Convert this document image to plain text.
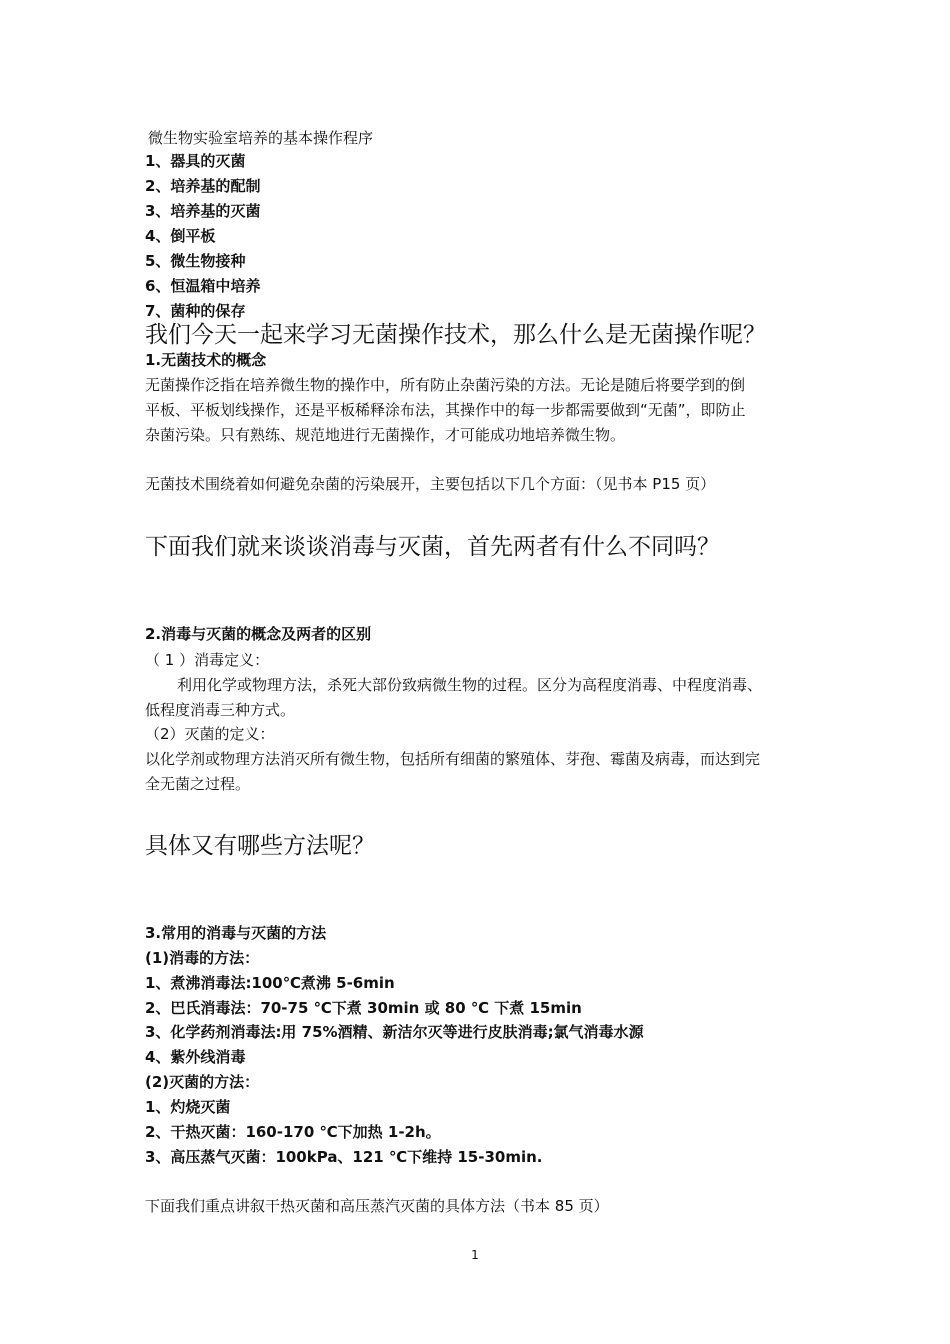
微生物实验室培养的基本操作程序
1、器具的灭菌
2、培养基的配制
3、培养基的灭菌
4、倒平板
5、微生物接种
6、恒温箱中培养
7、菌种的保存
我们今天一起来学习无菌操作技术，那么什么是无菌操作呢？
1.无菌技术的概念
无菌操作泛指在培养微生物的操作中，所有防止杂菌污染的方法。无论是随后将要学到的倒
平板、平板划线操作，还是平板稀释涂布法，其操作中的每一步都需要做到“无菌”，即防止
杂菌污染。只有熟练、规范地进行无菌操作，才可能成功地培养微生物。
无菌技术围绕着如何避免杂菌的污染展开，主要包括以下几个方面：（见书本 P15 页）
下面我们就来谈谈消毒与灭菌，首先两者有什么不同吗？
2.消毒与灭菌的概念及两者的区别
（ 1 ）消毒定义：
利用化学或物理方法，杀死大部份致病微生物的过程。区分为高程度消毒、中程度消毒、
低程度消毒三种方式。
（2）灭菌的定义：
以化学剂或物理方法消灭所有微生物，包括所有细菌的繁殖体、芽孢、霉菌及病毒，而达到完
全无菌之过程。
具体又有哪些方法呢？
3.常用的消毒与灭菌的方法
(1)消毒的方法：
1、煮沸消毒法:100℃煮沸 5-6min
2、巴氏消毒法：70-75 ℃下煮 30min 或 80 ℃ 下煮 15min
3、化学药剂消毒法:用 75%酒精、新洁尔灭等进行皮肤消毒;氯气消毒水源
4、紫外线消毒
(2)灭菌的方法：
1、灼烧灭菌
2、干热灭菌：160-170 ℃下加热 1-2h。
3、高压蒸气灭菌：100kPa、121 ℃下维持 15-30min.
下面我们重点讲叙干热灭菌和高压蒸汽灭菌的具体方法（书本 85 页）
1
